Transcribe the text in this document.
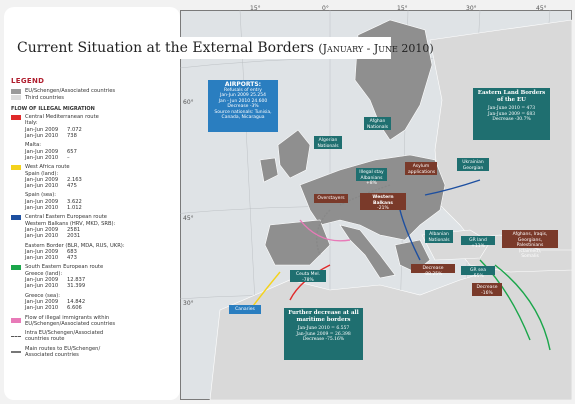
15°	0°	15°	30°	45°
60°
45°
30°
AIRPORTS:
Refusals of entry
Jan-Jun 2009 25.254
Jan - Jun 2010 24.600
Decrease -3%
Source nationals: Tunisia, Canada, Nicaragua
Eastern Land Borders of the EU
Jan-June 2010 = 473
Jan-June 2009 = 683
Decrease -30.7%
Afghan
Nationals
Ukrainian
Georgian
Algerian
Nationals
Illegal stay
Albanians +8%
Overstayers	Western Balkans
-21%
Asylum
applications
Albanian
Nationals	GR land +11%
Afghans, Iraqis, Georgians,
Palestinians (claimed),
Somalis
GR sea -55%
Decrease -88.25%
Decrease
-16%
Canaries
Ceuta Mel.
-78%
Further decrease at all maritime borders
Jan-June 2010 = 6.557
Jan-June 2009 = 26.398
Decrease -75.16%
Current Situation at the External Borders (January - June 2010)
LEGEND
EU/Schengen/Associated countries
Third countries
FLOW OF ILLEGAL MIGRATION
Central Mediterranean route
Italy:
Jan-Jun 2009	7.072
Jan-Jun 2010	738
Malta:
Jan-Jun 2009	657
Jan-Jun 2010	–
West Africa route
Spain (land):
Jan-Jun 2009	2.163
Jan-Jun 2010	475
Spain (sea):
Jan-Jun 2009	3.622
Jan-Jun 2010	1.012
Central Eastern European route
Western Balkans (HRV, MKD, SRB):
Jan-Jun 2009	2581
Jan-Jun 2010	2031
Eastern Border (BLR, MDA, RUS, UKR):
Jan-Jun 2009	683
Jan-Jun 2010	473
South Eastern European route
Greece (land):
Jan-Jun 2009	12.837
Jan-Jun 2010	31.399
Greece (sea):
Jan-Jun 2009	14.842
Jan-Jun 2010	6.606
Flow of illegal immigrants within EU/Schengen/Associated countries
Intra EU/Schengen/Associated countries route
Main routes to EU/Schengen/ Associated countries
